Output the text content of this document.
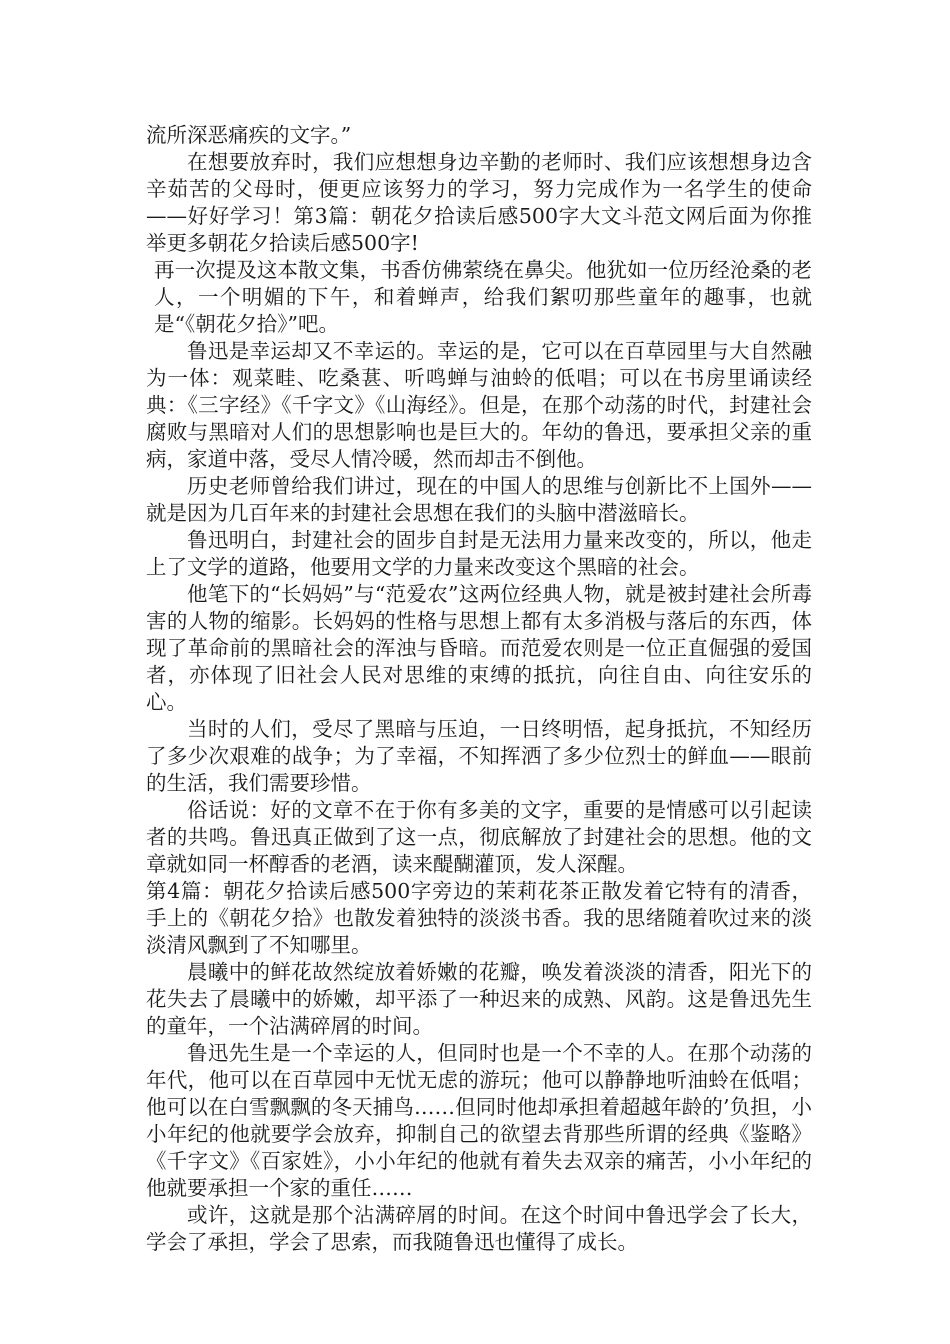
流所深恶痛疾的文字。”

在想要放弃时，我们应想想身边辛勤的老师时、我们应该想想身边含辛茹苦的父母时，便更应该努力的学习，努力完成作为一名学生的使命——好好学习！第3篇：朝花夕拾读后感500字大文斗范文网后面为你推举更多朝花夕拾读后感500字!

再一次提及这本散文集，书香仿佛萦绕在鼻尖。他犹如一位历经沧桑的老人，一个明媚的下午，和着蝉声，给我们絮叨那些童年的趣事，也就是“《朝花夕拾》”吧。

鲁迅是幸运却又不幸运的。幸运的是，它可以在百草园里与大自然融为一体：观菜畦、吃桑葚、听鸣蝉与油蛉的低唱；可以在书房里诵读经典：《三字经》《千字文》《山海经》。但是，在那个动荡的时代，封建社会腐败与黑暗对人们的思想影响也是巨大的。年幼的鲁迅，要承担父亲的重病，家道中落，受尽人情冷暖，然而却击不倒他。

历史老师曾给我们讲过，现在的中国人的思维与创新比不上国外——就是因为几百年来的封建社会思想在我们的头脑中潜滋暗长。

鲁迅明白，封建社会的固步自封是无法用力量来改变的，所以，他走上了文学的道路，他要用文学的力量来改变这个黑暗的社会。

他笔下的“长妈妈”与“范爱农”这两位经典人物，就是被封建社会所毒害的人物的缩影。长妈妈的性格与思想上都有太多消极与落后的东西，体现了革命前的黑暗社会的浑浊与昏暗。而范爱农则是一位正直倔强的爱国者，亦体现了旧社会人民对思维的束缚的抵抗，向往自由、向往安乐的心。

当时的人们，受尽了黑暗与压迫，一日终明悟，起身抵抗，不知经历了多少次艰难的战争；为了幸福，不知挥洒了多少位烈士的鲜血——眼前的生活，我们需要珍惜。

俗话说：好的文章不在于你有多美的文字，重要的是情感可以引起读者的共鸣。鲁迅真正做到了这一点，彻底解放了封建社会的思想。他的文章就如同一杯醇香的老酒，读来醍醐灌顶，发人深醒。

第4篇：朝花夕拾读后感500字旁边的茉莉花茶正散发着它特有的清香，手上的《朝花夕拾》也散发着独特的淡淡书香。我的思绪随着吹过来的淡淡清风飘到了不知哪里。

晨曦中的鲜花故然绽放着娇嫩的花瓣，唤发着淡淡的清香，阳光下的花失去了晨曦中的娇嫩，却平添了一种迟来的成熟、风韵。这是鲁迅先生的童年，一个沾满碎屑的时间。

鲁迅先生是一个幸运的人，但同时也是一个不幸的人。在那个动荡的年代，他可以在百草园中无忧无虑的游玩；他可以静静地听油蛉在低唱；他可以在白雪飘飘的冬天捕鸟……但同时他却承担着超越年龄的’负担，小小年纪的他就要学会放弃，抑制自己的欲望去背那些所谓的经典《鉴略》《千字文》《百家姓》，小小年纪的他就有着失去双亲的痛苦，小小年纪的他就要承担一个家的重任……

或许，这就是那个沾满碎屑的时间。在这个时间中鲁迅学会了长大，学会了承担，学会了思索，而我随鲁迅也懂得了成长。
